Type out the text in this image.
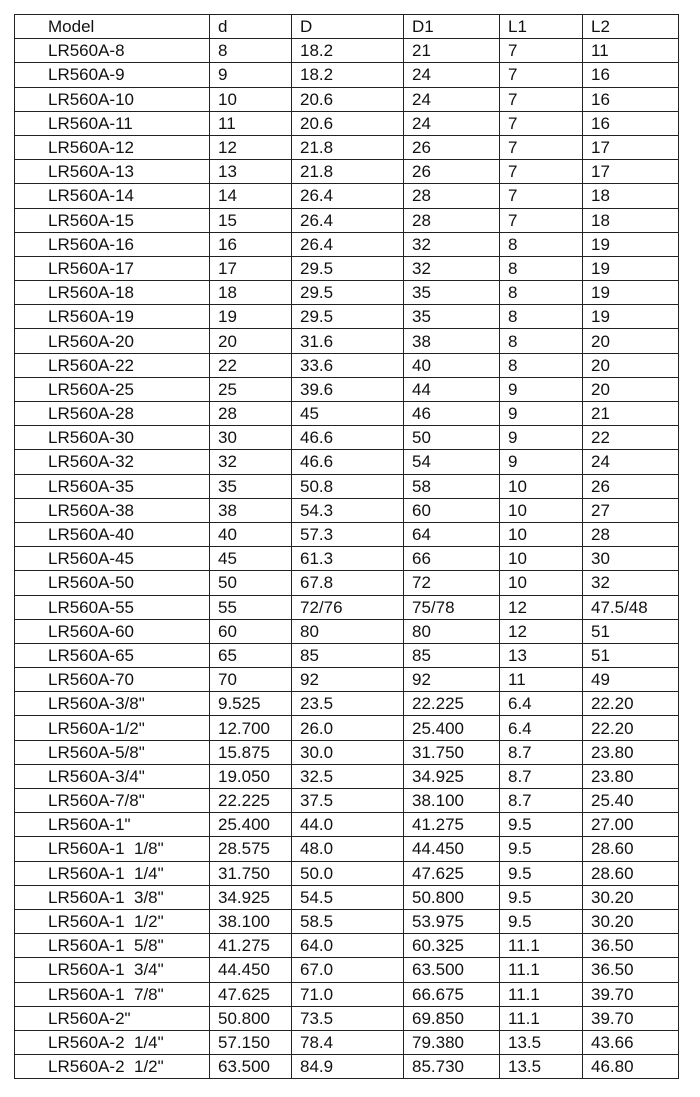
Model	d	D	D1	L1	L2
LR560A-8	8	18.2	21	7	11
LR560A-9	9	18.2	24	7	16
LR560A-10	10	20.6	24	7	16
LR560A-11	11	20.6	24	7	16
LR560A-12	12	21.8	26	7	17
LR560A-13	13	21.8	26	7	17
LR560A-14	14	26.4	28	7	18
LR560A-15	15	26.4	28	7	18
LR560A-16	16	26.4	32	8	19
LR560A-17	17	29.5	32	8	19
LR560A-18	18	29.5	35	8	19
LR560A-19	19	29.5	35	8	19
LR560A-20	20	31.6	38	8	20
LR560A-22	22	33.6	40	8	20
LR560A-25	25	39.6	44	9	20
LR560A-28	28	45	46	9	21
LR560A-30	30	46.6	50	9	22
LR560A-32	32	46.6	54	9	24
LR560A-35	35	50.8	58	10	26
LR560A-38	38	54.3	60	10	27
LR560A-40	40	57.3	64	10	28
LR560A-45	45	61.3	66	10	30
LR560A-50	50	67.8	72	10	32
LR560A-55	55	72/76	75/78	12	47.5/48
LR560A-60	60	80	80	12	51
LR560A-65	65	85	85	13	51
LR560A-70	70	92	92	11	49
LR560A-3/8"	9.525	23.5	22.225	6.4	22.20
LR560A-1/2"	12.700	26.0	25.400	6.4	22.20
LR560A-5/8"	15.875	30.0	31.750	8.7	23.80
LR560A-3/4"	19.050	32.5	34.925	8.7	23.80
LR560A-7/8"	22.225	37.5	38.100	8.7	25.40
LR560A-1"	25.400	44.0	41.275	9.5	27.00
LR560A-1  1/8"	28.575	48.0	44.450	9.5	28.60
LR560A-1  1/4"	31.750	50.0	47.625	9.5	28.60
LR560A-1  3/8"	34.925	54.5	50.800	9.5	30.20
LR560A-1  1/2"	38.100	58.5	53.975	9.5	30.20
LR560A-1  5/8"	41.275	64.0	60.325	11.1	36.50
LR560A-1  3/4"	44.450	67.0	63.500	11.1	36.50
LR560A-1  7/8"	47.625	71.0	66.675	11.1	39.70
LR560A-2"	50.800	73.5	69.850	11.1	39.70
LR560A-2  1/4"	57.150	78.4	79.380	13.5	43.66
LR560A-2  1/2"	63.500	84.9	85.730	13.5	46.80
